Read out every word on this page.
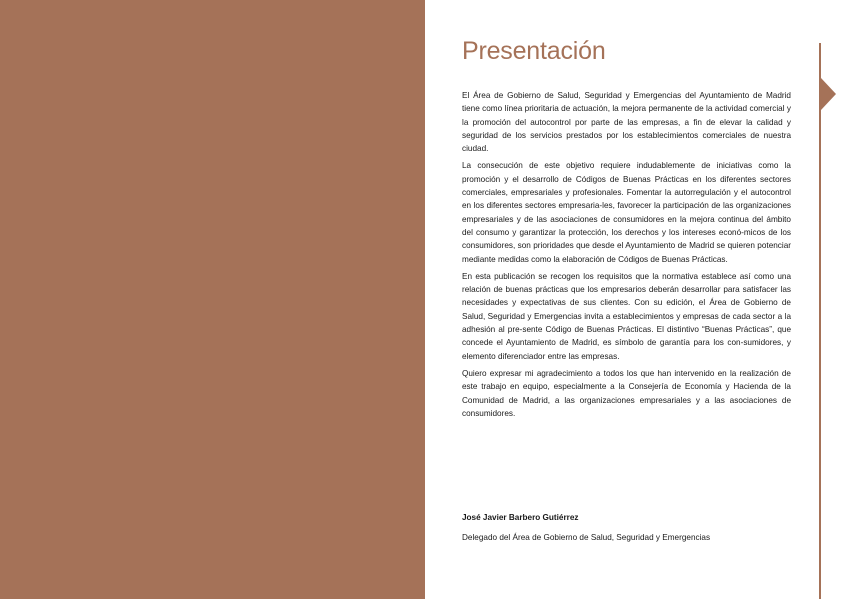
Presentación

El Área de Gobierno de Salud, Seguridad y Emergencias del Ayuntamiento de Madrid tiene como línea prioritaria de actuación, la mejora permanente de la actividad comercial y la promoción del autocontrol por parte de las empresas, a fin de elevar la calidad y seguridad de los servicios prestados por los establecimientos comerciales de nuestra ciudad.

La consecución de este objetivo requiere indudablemente de iniciativas como la promoción y el desarrollo de Códigos de Buenas Prácticas en los diferentes sectores comerciales, empresariales y profesionales. Fomentar la autorregulación y el autocontrol en los diferentes sectores empresaria-les, favorecer la participación de las organizaciones empresariales y de las asociaciones de consumidores en la mejora continua del ámbito del consumo y garantizar la protección, los derechos y los intereses econó-micos de los consumidores, son prioridades que desde el Ayuntamiento de Madrid se quieren potenciar mediante medidas como la elaboración de Códigos de Buenas Prácticas.

En esta publicación se recogen los requisitos que la normativa establece así como una relación de buenas prácticas que los empresarios deberán desarrollar para satisfacer las necesidades y expectativas de sus clientes. Con su edición, el Área de Gobierno de Salud, Seguridad y Emergencias invita a establecimientos y empresas de cada sector a la adhesión al pre-sente Código de Buenas Prácticas. El distintivo “Buenas Prácticas”, que concede el Ayuntamiento de Madrid, es símbolo de garantía para los con-sumidores, y elemento diferenciador entre las empresas.

Quiero expresar mi agradecimiento a todos los que han intervenido en la realización de este trabajo en equipo, especialmente a la Consejería de Economía y Hacienda de la Comunidad de Madrid, a las organizaciones empresariales y a las asociaciones de consumidores.

José Javier Barbero Gutiérrez
Delegado del Área de Gobierno de Salud, Seguridad y Emergencias
